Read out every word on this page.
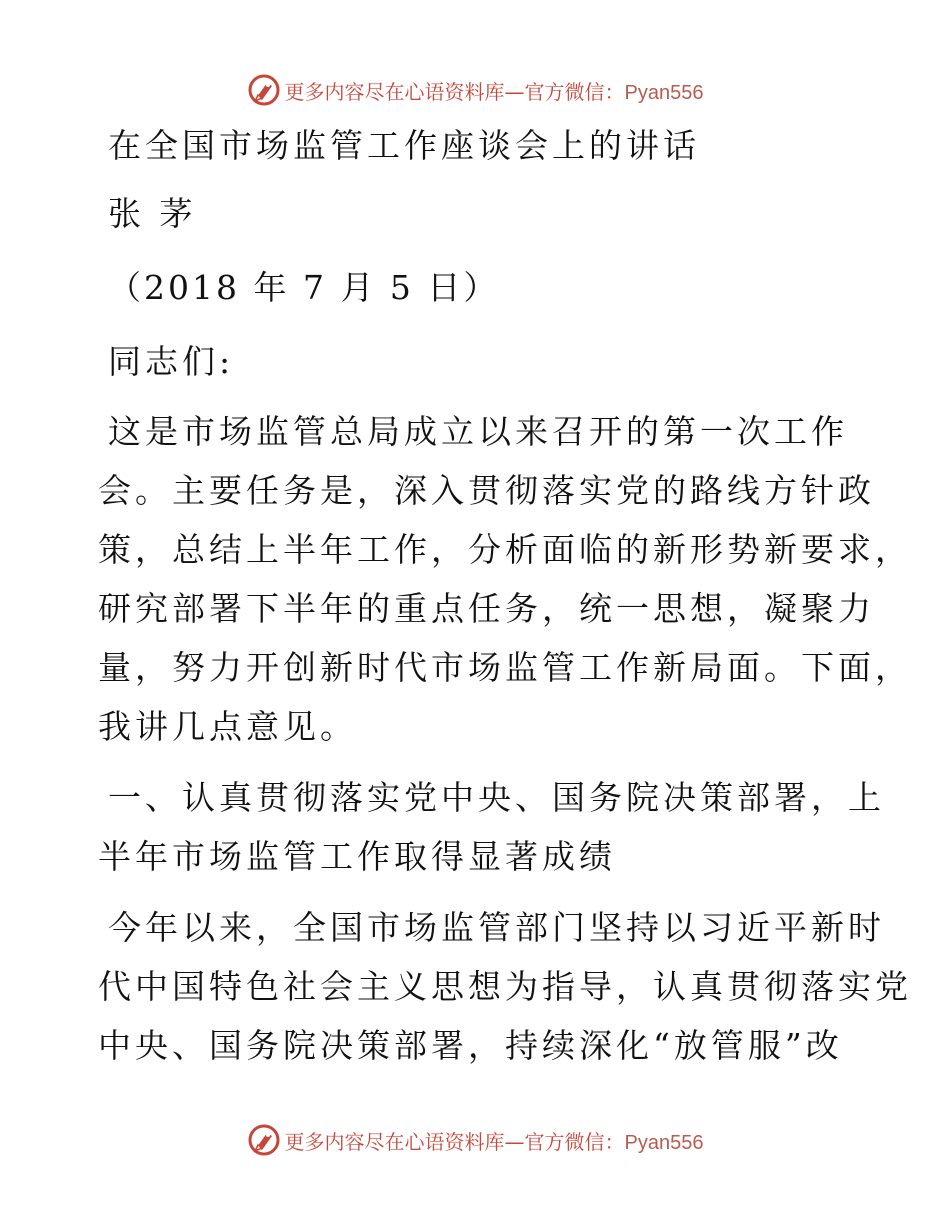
更多内容尽在心语资料库—官方微信：Pyan556
在全国市场监管工作座谈会上的讲话
张 茅
（2018 年 7 月 5 日）
同志们:
这是市场监管总局成立以来召开的第一次工作
会。主要任务是，深入贯彻落实党的路线方针政
策，总结上半年工作，分析面临的新形势新要求，
研究部署下半年的重点任务，统一思想，凝聚力
量，努力开创新时代市场监管工作新局面。下面，
我讲几点意见。
一、认真贯彻落实党中央、国务院决策部署，上
半年市场监管工作取得显著成绩
今年以来，全国市场监管部门坚持以习近平新时
代中国特色社会主义思想为指导，认真贯彻落实党
中央、国务院决策部署，持续深化“放管服”改
更多内容尽在心语资料库—官方微信：Pyan556
